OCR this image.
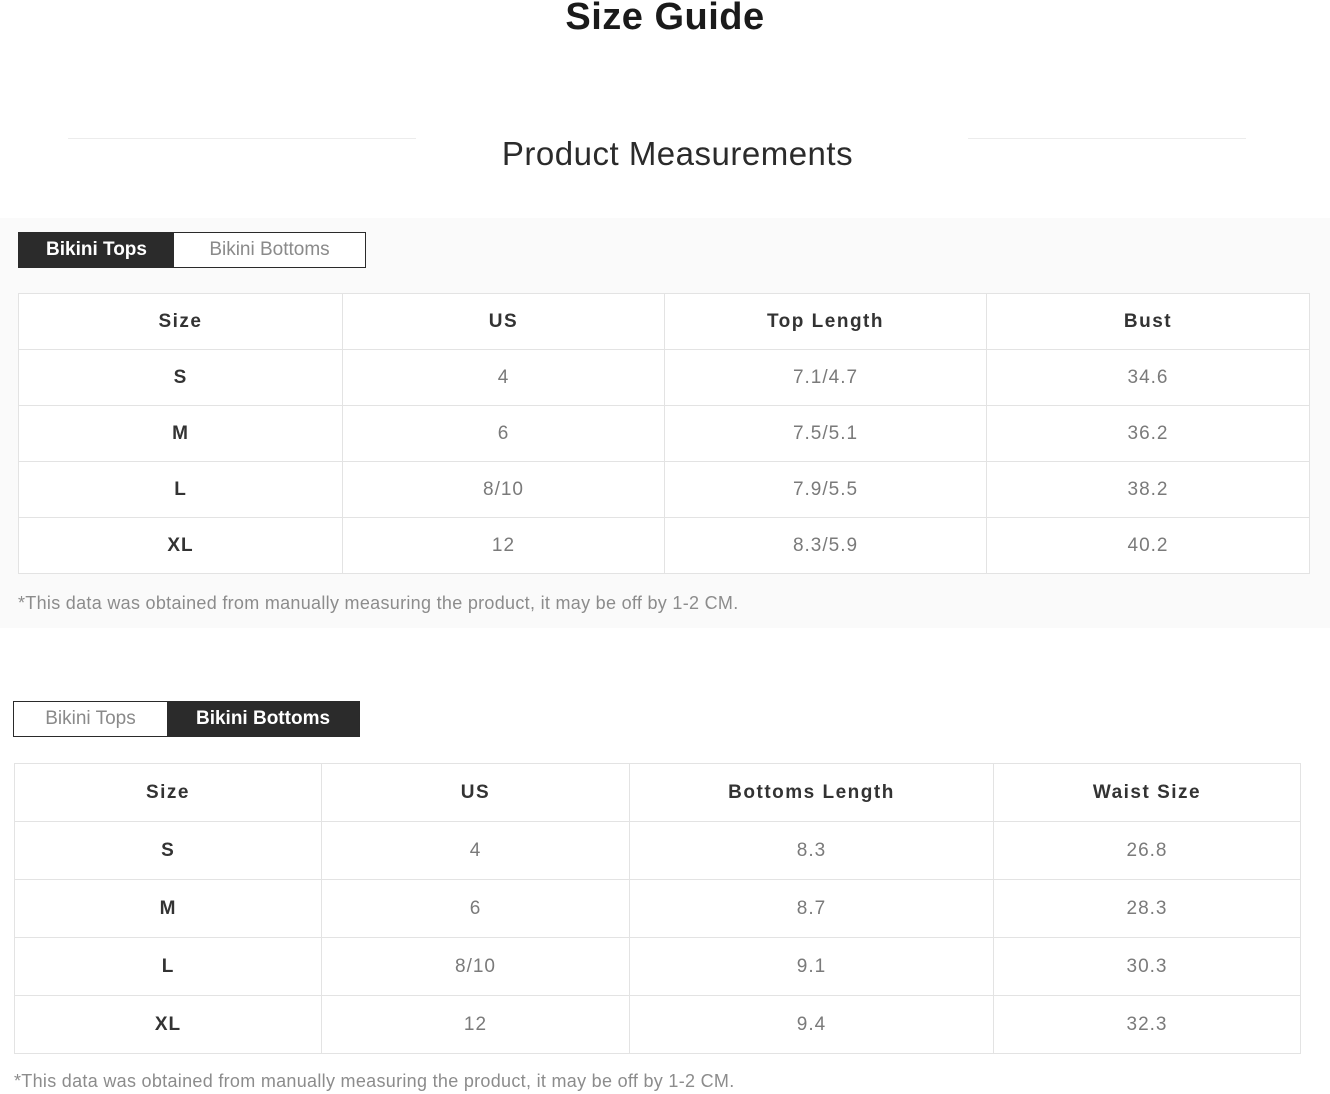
Size Guide
Product Measurements
Bikini Tops	Bikini Bottoms
Size	US	Top Length	Bust
S	4	7.1/4.7	34.6
M	6	7.5/5.1	36.2
L	8/10	7.9/5.5	38.2
XL	12	8.3/5.9	40.2
*This data was obtained from manually measuring the product, it may be off by 1-2 CM.
Bikini Tops	Bikini Bottoms
Size	US	Bottoms Length	Waist Size
S	4	8.3	26.8
M	6	8.7	28.3
L	8/10	9.1	30.3
XL	12	9.4	32.3
*This data was obtained from manually measuring the product, it may be off by 1-2 CM.
